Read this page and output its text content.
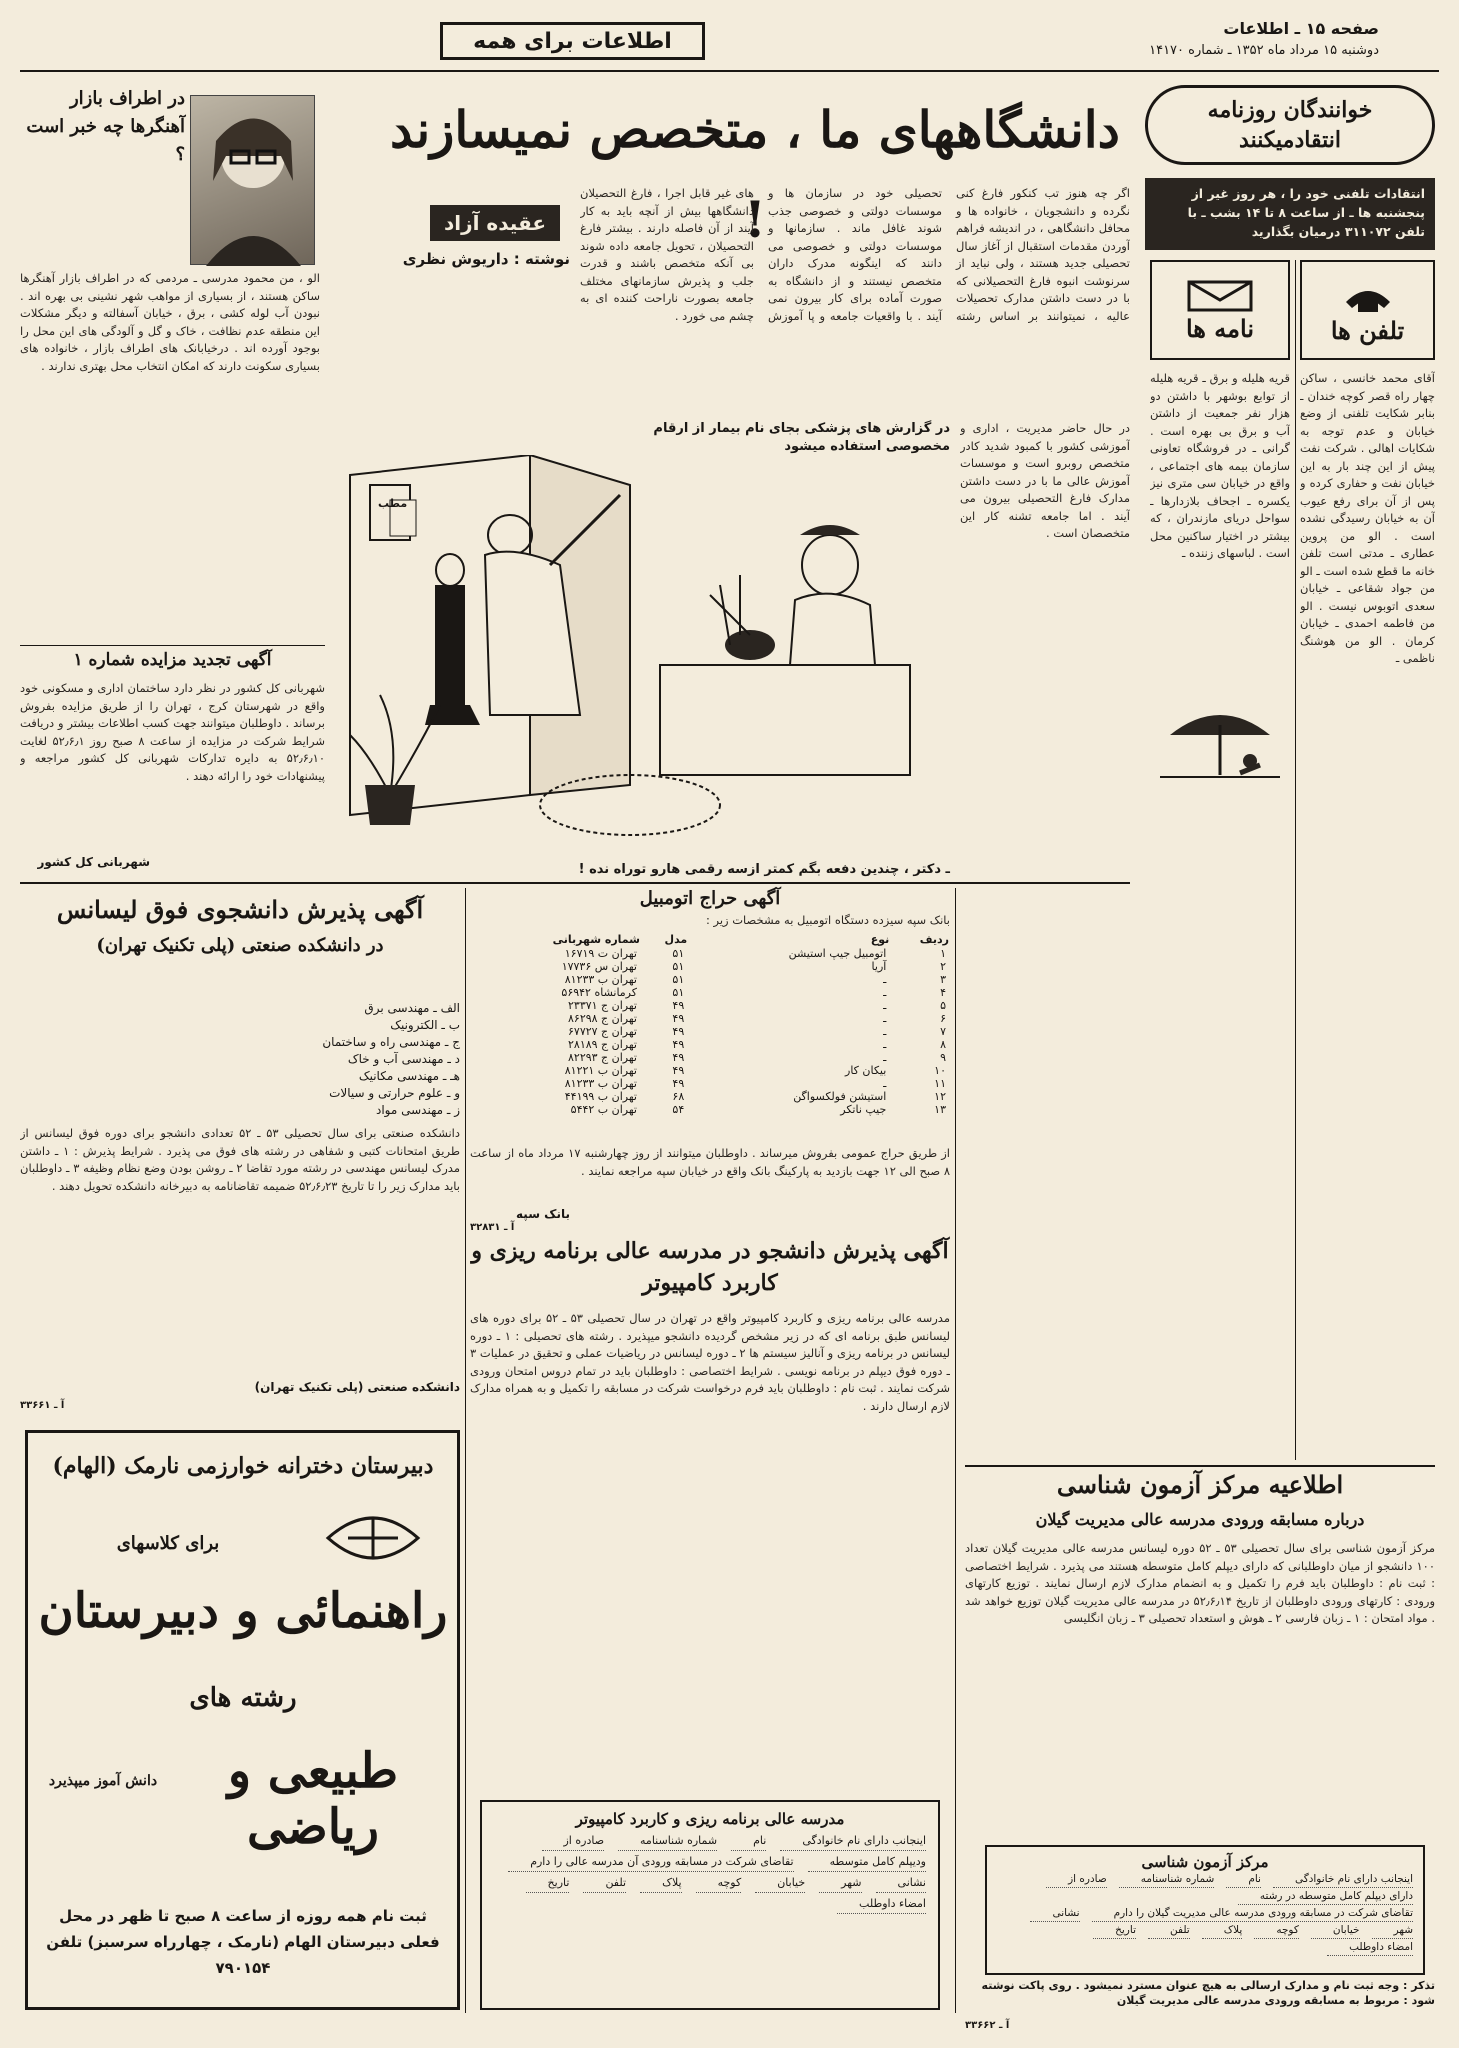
صفحه ۱۵ ـ اطلاعات
دوشنبه ۱۵ مرداد ماه ۱۳۵۲ ـ شماره ۱۴۱۷۰
اطلاعات برای همه
خوانندگان روزنامه انتقادمیکنند
انتقادات تلفنی خود را ، هر روز غیر از پنجشنبه ها ـ از ساعت ۸ تا ۱۴ بشب ـ با تلفن ۳۱۱۰۷۲ درمیان بگذارید
تلفن ها
آقای محمد خانسی ، ساکن چهار راه قصر کوچه خندان ـ بنابر شکایت تلفنی از وضع خیابان و عدم توجه به شکایات اهالی . شرکت نفت پیش از این چند بار به این خیابان نفت و حفاری کرده و پس از آن برای رفع عیوب آن به خیابان رسیدگی نشده است . الو من پروین عطاری ـ مدتی است تلفن خانه ما قطع شده است ـ الو من جواد شقاعی ـ خیابان سعدی اتوبوس نیست . الو من فاطمه احمدی ـ خیابان کرمان . الو من هوشنگ ناظمی ـ
نامه ها
قریه هلیله و برق ـ قریه هلیله از توابع بوشهر با داشتن دو هزار نفر جمعیت از داشتن آب و برق بی بهره است . گرانی ـ در فروشگاه تعاونی سازمان بیمه های اجتماعی ، واقع در خیابان سی متری نیز یکسره ـ اجحاف بلازدارها ـ سواحل دریای مازندران ، که بیشتر در اختیار ساکنین محل است . لباسهای زننده ـ
دانشگاههای ما ، متخصص نمیسازند !
عقیده آزاد
نوشته : داریوش نظری
اگر چه هنوز تب کنکور فارغ کنی نگرده و دانشجویان ، خانواده ها و محافل دانشگاهی ، در اندیشه فراهم آوردن مقدمات استقبال از آغاز سال تحصیلی جدید هستند ، ولی نباید از سرنوشت انبوه فارغ التحصیلانی که با در دست داشتن مدارک تحصیلات عالیه ، نمیتوانند بر اساس رشته تحصیلی خود در سازمان ها و موسسات دولتی و خصوصی جذب شوند غافل ماند . سازمانها و موسسات دولتی و خصوصی می دانند که اینگونه مدرک داران متخصص نیستند و از دانشگاه به صورت آماده برای کار بیرون نمی آیند . با واقعیات جامعه و پا آموزش های غیر قابل اجرا ، فارغ التحصیلان دانشگاهها بیش از آنچه باید به کار آیند از آن فاصله دارند . بیشتر فارغ التحصیلان ، تحویل جامعه داده شوند بی آنکه متخصص باشند و قدرت جلب و پذیرش سازمانهای مختلف جامعه بصورت ناراحت کننده ای به چشم می خورد .
در گزارش های پزشکی بجای نام بیمار از ارقام مخصوصی استفاده میشود
در حال حاضر مدیریت ، اداری و آموزشی کشور با کمبود شدید کادر متخصص روبرو است و موسسات آموزش عالی ما با در دست داشتن مدارک فارغ التحصیلی بیرون می آیند . اما جامعه تشنه کار این متخصصان است .
مطب
ـ دکتر ، چندین دفعه بگم کمتر ازسه رقمی هارو توراه نده !
در اطراف بازار آهنگرها چه خبر است ؟
الو ، من محمود مدرسی ـ مردمی که در اطراف بازار آهنگرها ساکن هستند ، از بسیاری از مواهب شهر نشینی بی بهره اند . نبودن آب لوله کشی ، برق ، خیابان آسفالته و دیگر مشکلات این منطقه عدم نظافت ، خاک و گل و آلودگی های این محل را بوجود آورده اند . درخیابانک های اطراف بازار ، خانواده های بسیاری سکونت دارند که امکان انتخاب محل بهتری ندارند .
آگهی تجدید مزایده شماره ۱
شهربانی کل کشور در نظر دارد ساختمان اداری و مسکونی خود واقع در شهرستان کرج ، تهران را از طریق مزایده بفروش برساند . داوطلبان میتوانند جهت کسب اطلاعات بیشتر و دریافت شرایط شرکت در مزایده از ساعت ۸ صبح روز ۵۲٫۶٫۱ لغایت ۵۲٫۶٫۱۰ به دایره تدارکات شهربانی کل کشور مراجعه و پیشنهادات خود را ارائه دهند .
شهربانی کل کشور
آگهی حراج اتومبیل
بانک سپه سیزده دستگاه اتومبیل به مشخصات زیر :
ردیف	نوع	مدل	شماره شهربانی
۱	اتومبیل جیپ استیشن	۵۱	تهران ت ۱۶۷۱۹
۲	آریا	۵۱	تهران س ۱۷۷۳۶
۳	ـ	۵۱	تهران ب ۸۱۲۳۳
۴	ـ	۵۱	کرمانشاه ۵۶۹۴۲
۵	ـ	۴۹	تهران ج ۲۳۳۷۱
۶	ـ	۴۹	تهران ج ۸۶۲۹۸
۷	ـ	۴۹	تهران ج ۶۷۷۲۷
۸	ـ	۴۹	تهران ج ۲۸۱۸۹
۹	ـ	۴۹	تهران ج ۸۲۲۹۳
۱۰	بیکان کار	۴۹	تهران ب ۸۱۲۲۱
۱۱	ـ	۴۹	تهران ب ۸۱۲۳۳
۱۲	استیشن فولکسواگن	۶۸	تهران ب ۴۴۱۹۹
۱۳	جیپ ناتکر	۵۴	تهران ب ۵۴۴۲
از طریق حراج عمومی بفروش میرساند . داوطلبان میتوانند از روز چهارشنبه ۱۷ مرداد ماه از ساعت ۸ صبح الی ۱۲ جهت بازدید به پارکینگ بانک واقع در خیابان سپه مراجعه نمایند .
بانک سپه
آ ـ ۳۲۸۳۱
آگهی پذیرش دانشجوی فوق لیسانس
در دانشکده صنعتی (پلی تکنیک تهران)
الف ـ مهندسی برق
ب ـ الکترونیک
ج ـ مهندسی راه و ساختمان
د ـ مهندسی آب و خاک
هـ ـ مهندسی مکانیک
و ـ علوم حرارتی و سیالات
ز ـ مهندسی مواد
دانشکده صنعتی برای سال تحصیلی ۵۳ ـ ۵۲ تعدادی دانشجو برای دوره فوق لیسانس از طریق امتحانات کتبی و شفاهی در رشته های فوق می پذیرد . شرایط پذیرش : ۱ ـ داشتن مدرک لیسانس مهندسی در رشته مورد تقاضا ۲ ـ روشن بودن وضع نظام وظیفه ۳ ـ داوطلبان باید مدارک زیر را تا تاریخ ۵۲٫۶٫۲۳ ضمیمه تقاضانامه به دبیرخانه دانشکده تحویل دهند .
دانشکده صنعتی (پلی تکنیک تهران)
آ ـ ۳۳۶۶۱
دبیرستان دخترانه خوارزمی نارمک (الهام)
برای کلاسهای
راهنمائی و دبیرستان
رشته های
طبیعی و ریاضی
دانش آموز میپذیرد
ثبت نام همه روزه از ساعت ۸ صبح تا ظهر در محل فعلی دبیرستان الهام (نارمک ، چهارراه سرسبز) تلفن ۷۹۰۱۵۴
آگهی پذیرش دانشجو در مدرسه عالی برنامه ریزی و کاربرد کامپیوتر
مدرسه عالی برنامه ریزی و کاربرد کامپیوتر واقع در تهران در سال تحصیلی ۵۳ ـ ۵۲ برای دوره های لیسانس طبق برنامه ای که در زیر مشخص گردیده دانشجو میپذیرد . رشته های تحصیلی : ۱ ـ دوره لیسانس در برنامه ریزی و آنالیز سیستم ها ۲ ـ دوره لیسانس در ریاضیات عملی و تحقیق در عملیات ۳ ـ دوره فوق دیپلم در برنامه نویسی . شرایط اختصاصی : داوطلبان باید در تمام دروس امتحان ورودی شرکت نمایند . ثبت نام : داوطلبان باید فرم درخواست شرکت در مسابقه را تکمیل و به همراه مدارک لازم ارسال دارند .
مدرسه عالی برنامه ریزی و کاربرد کامپیوتر
اینجانب دارای نام خانوادگی
نام
شماره شناسنامه
صادره از
ودیپلم کامل متوسطه
تقاضای شرکت در مسابقه ورودی آن مدرسه عالی را دارم
نشانی
شهر
خیابان
کوچه
پلاک
تلفن
تاریخ
امضاء داوطلب
اطلاعیه مرکز آزمون شناسی
درباره مسابقه ورودی مدرسه عالی مدیریت گیلان
مرکز آزمون شناسی برای سال تحصیلی ۵۳ ـ ۵۲ دوره لیسانس مدرسه عالی مدیریت گیلان تعداد ۱۰۰ دانشجو از میان داوطلبانی که دارای دیپلم کامل متوسطه هستند می پذیرد . شرایط اختصاصی : ثبت نام : داوطلبان باید فرم را تکمیل و به انضمام مدارک لازم ارسال نمایند . توزیع کارتهای ورودی : کارتهای ورودی داوطلبان از تاریخ ۵۲٫۶٫۱۴ در مدرسه عالی مدیریت گیلان توزیع خواهد شد . مواد امتحان : ۱ ـ زبان فارسی ۲ ـ هوش و استعداد تحصیلی ۳ ـ زبان انگلیسی
مرکز آزمون شناسی
اینجانب دارای نام خانوادگی
نام
شماره شناسنامه
صادره از
دارای دیپلم کامل متوسطه در رشته
تقاضای شرکت در مسابقه ورودی مدرسه عالی مدیریت گیلان را دارم
نشانی
شهر
خیابان
کوچه
پلاک
تلفن
تاریخ
امضاء داوطلب
تذکر : وجه ثبت نام و مدارک ارسالی به هیچ عنوان مسترد نمیشود . روی پاکت نوشته شود : مربوط به مسابقه ورودی مدرسه عالی مدیریت گیلان
آ ـ ۳۳۶۶۲
